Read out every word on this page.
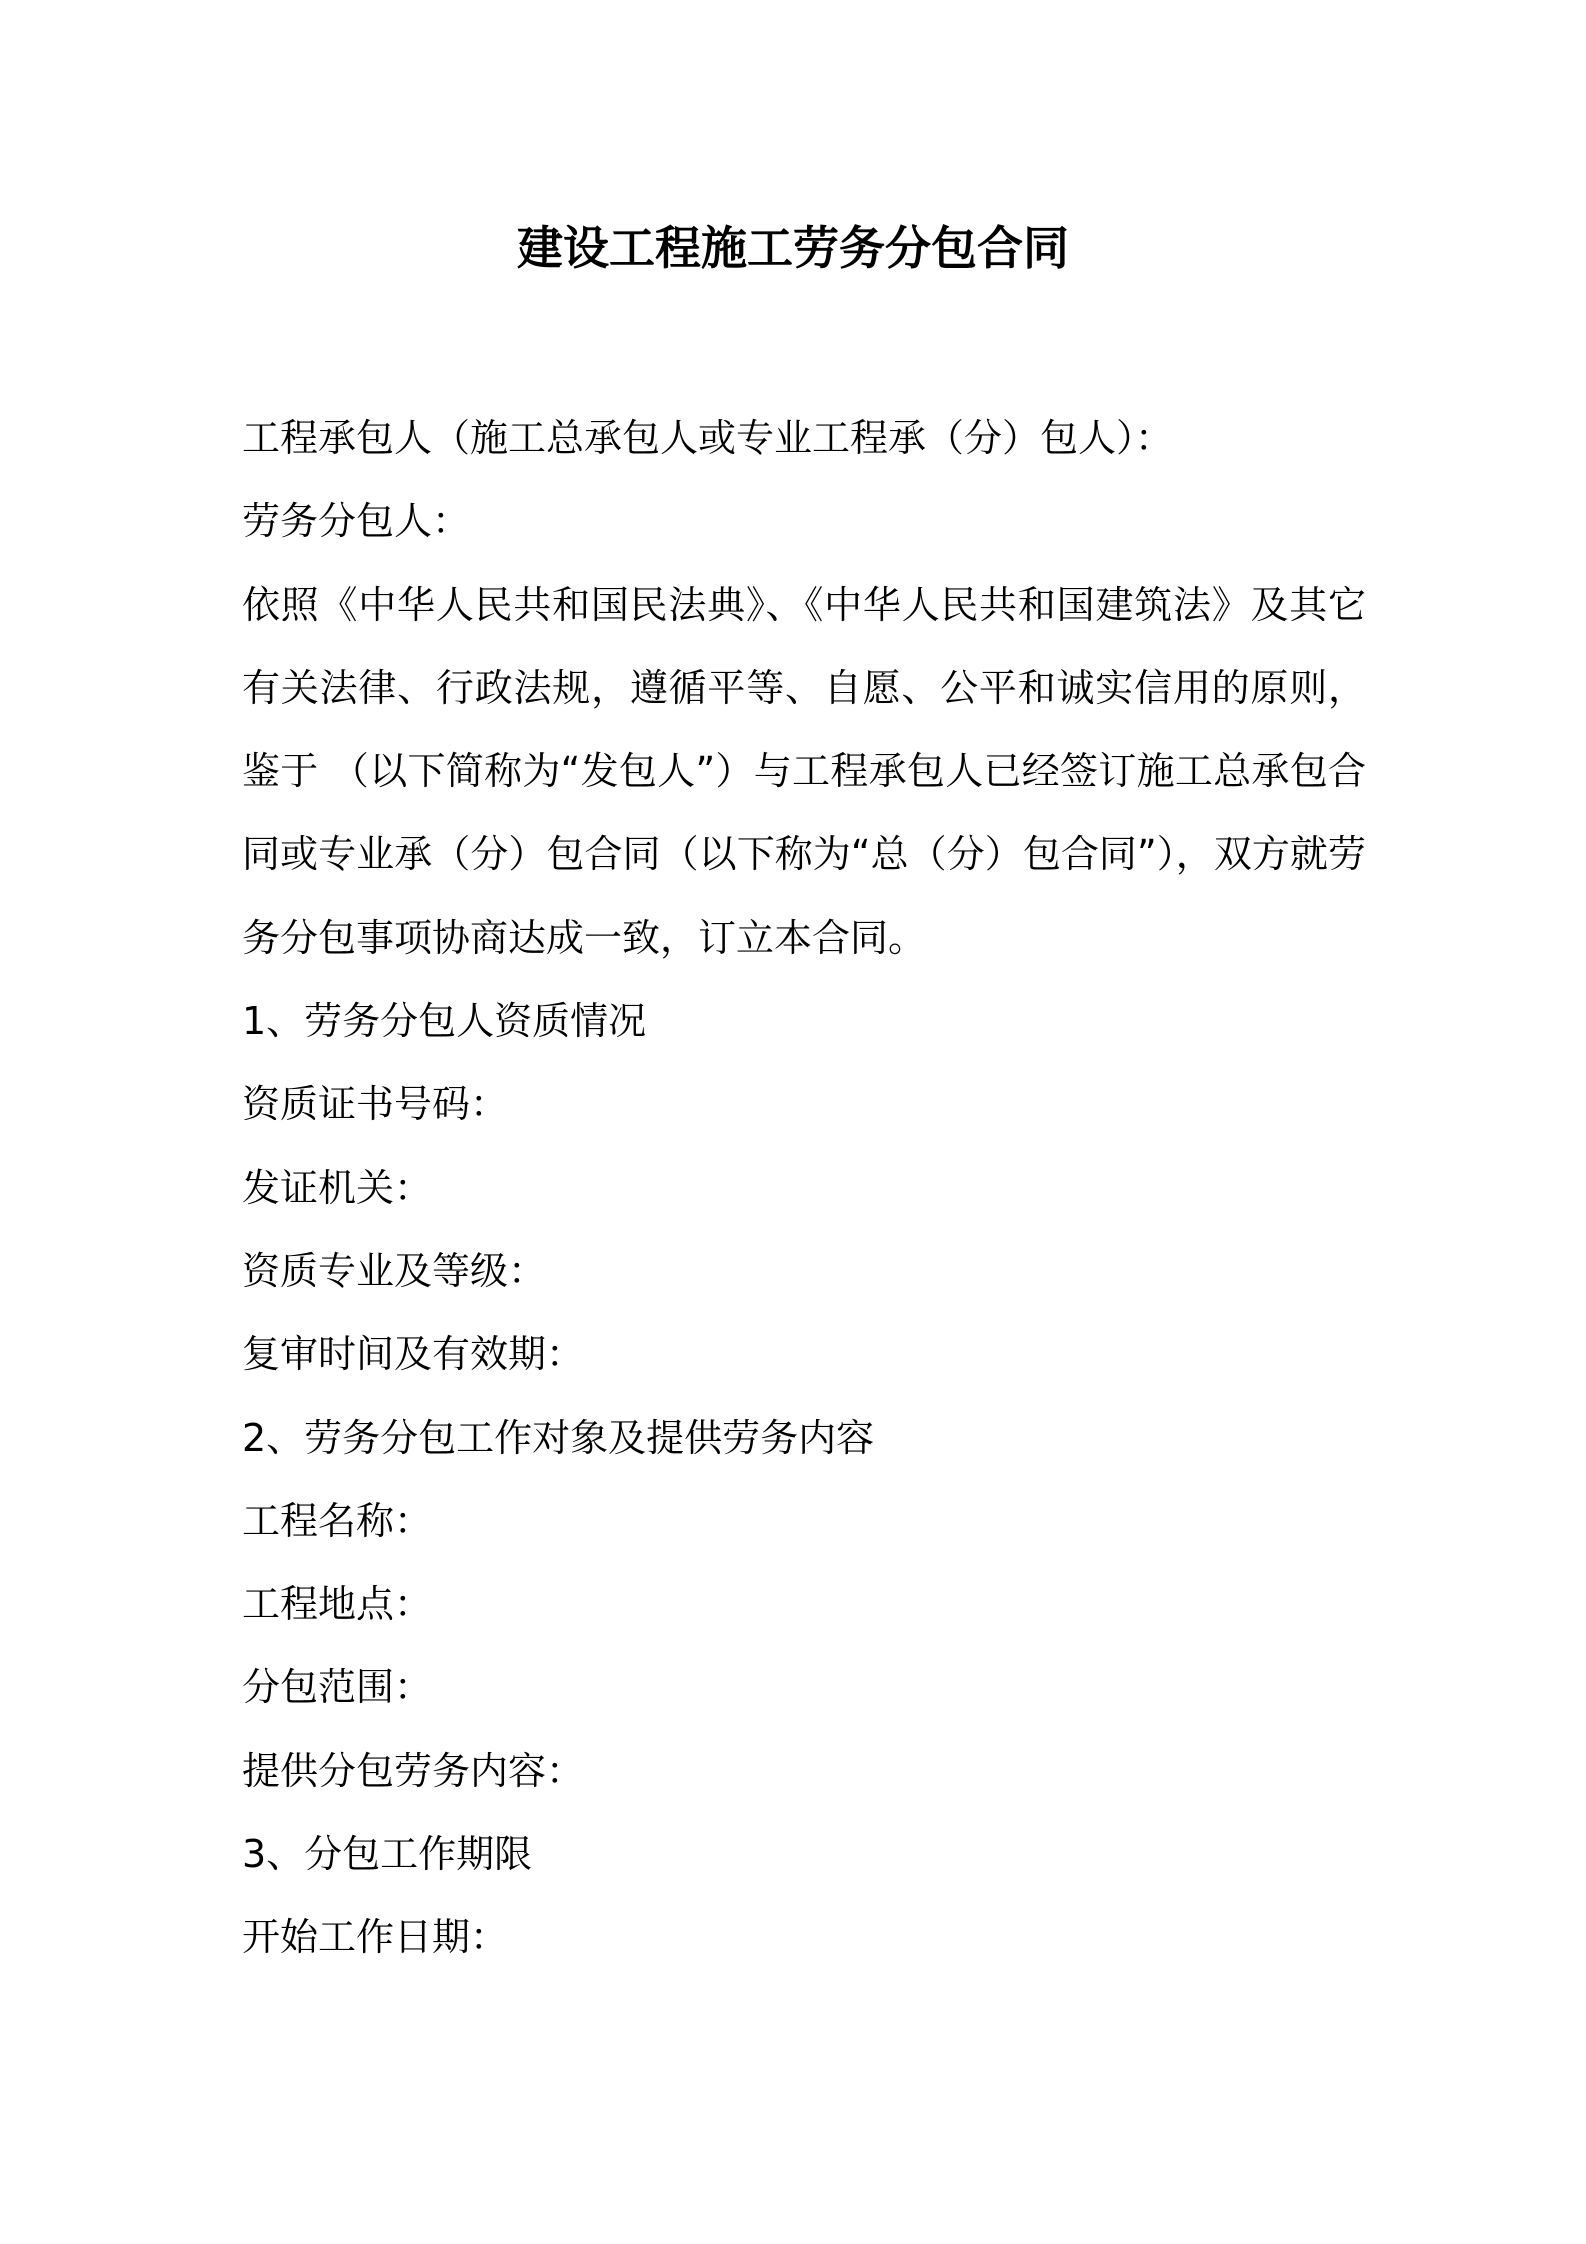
建设工程施工劳务分包合同
工程承包人（施工总承包人或专业工程承（分）包人）：
劳务分包人：
依照《中华人民共和国民法典》、《中华人民共和国建筑法》及其它有关法律、行政法规，遵循平等、自愿、公平和诚实信用的原则，鉴于 （以下简称为“发包人”）与工程承包人已经签订施工总承包合同或专业承（分）包合同（以下称为“总（分）包合同”），双方就劳务分包事项协商达成一致，订立本合同。
1、劳务分包人资质情况
资质证书号码：
发证机关：
资质专业及等级：
复审时间及有效期：
2、劳务分包工作对象及提供劳务内容
工程名称：
工程地点：
分包范围：
提供分包劳务内容：
3、分包工作期限
开始工作日期：
